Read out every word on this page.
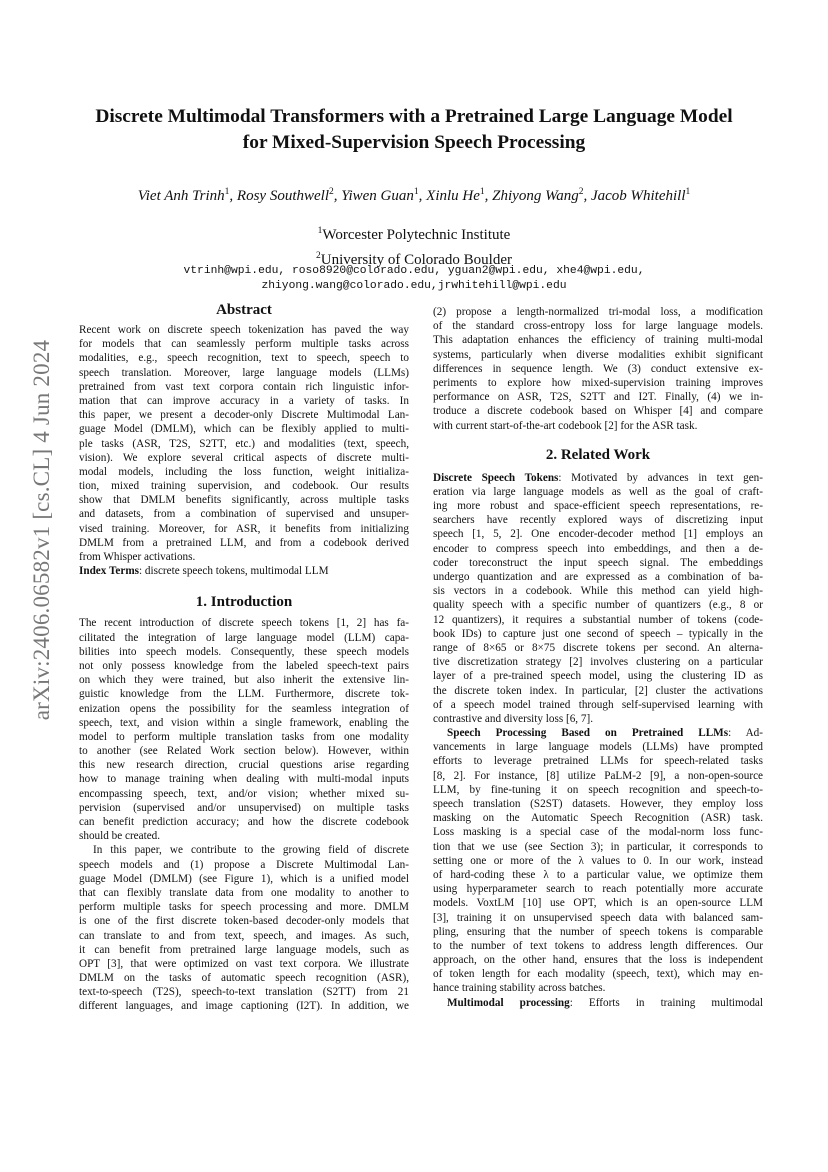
arXiv:2406.06582v1 [cs.CL] 4 Jun 2024
Discrete Multimodal Transformers with a Pretrained Large Language Model
for Mixed-Supervision Speech Processing
Viet Anh Trinh$^1$, Rosy Southwell$^2$, Yiwen Guan$^1$, Xinlu He$^1$, Zhiyong Wang$^2$, Jacob Whitehill$^1$
$^1$Worcester Polytechnic Institute
$^2$University of Colorado Boulder
vtrinh@wpi.edu, roso8920@colorado.edu, yguan2@wpi.edu, xhe4@wpi.edu,
zhiyong.wang@colorado.edu,jrwhitehill@wpi.edu
Abstract
Recent work on discrete speech tokenization has paved the way
for models that can seamlessly perform multiple tasks across
modalities, e.g., speech recognition, text to speech, speech to
speech translation. Moreover, large language models (LLMs)
pretrained from vast text corpora contain rich linguistic infor-
mation that can improve accuracy in a variety of tasks. In
this paper, we present a decoder-only Discrete Multimodal Lan-
guage Model (DMLM), which can be flexibly applied to multi-
ple tasks (ASR, T2S, S2TT, etc.) and modalities (text, speech,
vision). We explore several critical aspects of discrete multi-
modal models, including the loss function, weight initializa-
tion, mixed training supervision, and codebook. Our results
show that DMLM benefits significantly, across multiple tasks
and datasets, from a combination of supervised and unsuper-
vised training. Moreover, for ASR, it benefits from initializing
DMLM from a pretrained LLM, and from a codebook derived
from Whisper activations.
Index Terms: discrete speech tokens, multimodal LLM
1. Introduction
The recent introduction of discrete speech tokens [1, 2] has fa-
cilitated the integration of large language model (LLM) capa-
bilities into speech models. Consequently, these speech models
not only possess knowledge from the labeled speech-text pairs
on which they were trained, but also inherit the extensive lin-
guistic knowledge from the LLM. Furthermore, discrete tok-
enization opens the possibility for the seamless integration of
speech, text, and vision within a single framework, enabling the
model to perform multiple translation tasks from one modality
to another (see Related Work section below). However, within
this new research direction, crucial questions arise regarding
how to manage training when dealing with multi-modal inputs
encompassing speech, text, and/or vision; whether mixed su-
pervision (supervised and/or unsupervised) on multiple tasks
can benefit prediction accuracy; and how the discrete codebook
should be created.
In this paper, we contribute to the growing field of discrete
speech models and (1) propose a Discrete Multimodal Lan-
guage Model (DMLM) (see Figure 1), which is a unified model
that can flexibly translate data from one modality to another to
perform multiple tasks for speech processing and more. DMLM
is one of the first discrete token-based decoder-only models that
can translate to and from text, speech, and images. As such,
it can benefit from pretrained large language models, such as
OPT [3], that were optimized on vast text corpora. We illustrate
DMLM on the tasks of automatic speech recognition (ASR),
text-to-speech (T2S), speech-to-text translation (S2TT) from 21
different languages, and image captioning (I2T). In addition, we
(2) propose a length-normalized tri-modal loss, a modification
of the standard cross-entropy loss for large language models.
This adaptation enhances the efficiency of training multi-modal
systems, particularly when diverse modalities exhibit significant
differences in sequence length. We (3) conduct extensive ex-
periments to explore how mixed-supervision training improves
performance on ASR, T2S, S2TT and I2T. Finally, (4) we in-
troduce a discrete codebook based on Whisper [4] and compare
with current start-of-the-art codebook [2] for the ASR task.
2. Related Work
Discrete Speech Tokens: Motivated by advances in text gen-
eration via large language models as well as the goal of craft-
ing more robust and space-efficient speech representations, re-
searchers have recently explored ways of discretizing input
speech [1, 5, 2]. One encoder-decoder method [1] employs an
encoder to compress speech into embeddings, and then a de-
coder toreconstruct the input speech signal. The embeddings
undergo quantization and are expressed as a combination of ba-
sis vectors in a codebook. While this method can yield high-
quality speech with a specific number of quantizers (e.g., 8 or
12 quantizers), it requires a substantial number of tokens (code-
book IDs) to capture just one second of speech – typically in the
range of 8×65 or 8×75 discrete tokens per second. An alterna-
tive discretization strategy [2] involves clustering on a particular
layer of a pre-trained speech model, using the clustering ID as
the discrete token index. In particular, [2] cluster the activations
of a speech model trained through self-supervised learning with
contrastive and diversity loss [6, 7].
Speech Processing Based on Pretrained LLMs: Ad-
vancements in large language models (LLMs) have prompted
efforts to leverage pretrained LLMs for speech-related tasks
[8, 2]. For instance, [8] utilize PaLM-2 [9], a non-open-source
LLM, by fine-tuning it on speech recognition and speech-to-
speech translation (S2ST) datasets. However, they employ loss
masking on the Automatic Speech Recognition (ASR) task.
Loss masking is a special case of the modal-norm loss func-
tion that we use (see Section 3); in particular, it corresponds to
setting one or more of the λ values to 0. In our work, instead
of hard-coding these λ to a particular value, we optimize them
using hyperparameter search to reach potentially more accurate
models. VoxtLM [10] use OPT, which is an open-source LLM
[3], training it on unsupervised speech data with balanced sam-
pling, ensuring that the number of speech tokens is comparable
to the number of text tokens to address length differences. Our
approach, on the other hand, ensures that the loss is independent
of token length for each modality (speech, text), which may en-
hance training stability across batches.
Multimodal processing: Efforts in training multimodal
